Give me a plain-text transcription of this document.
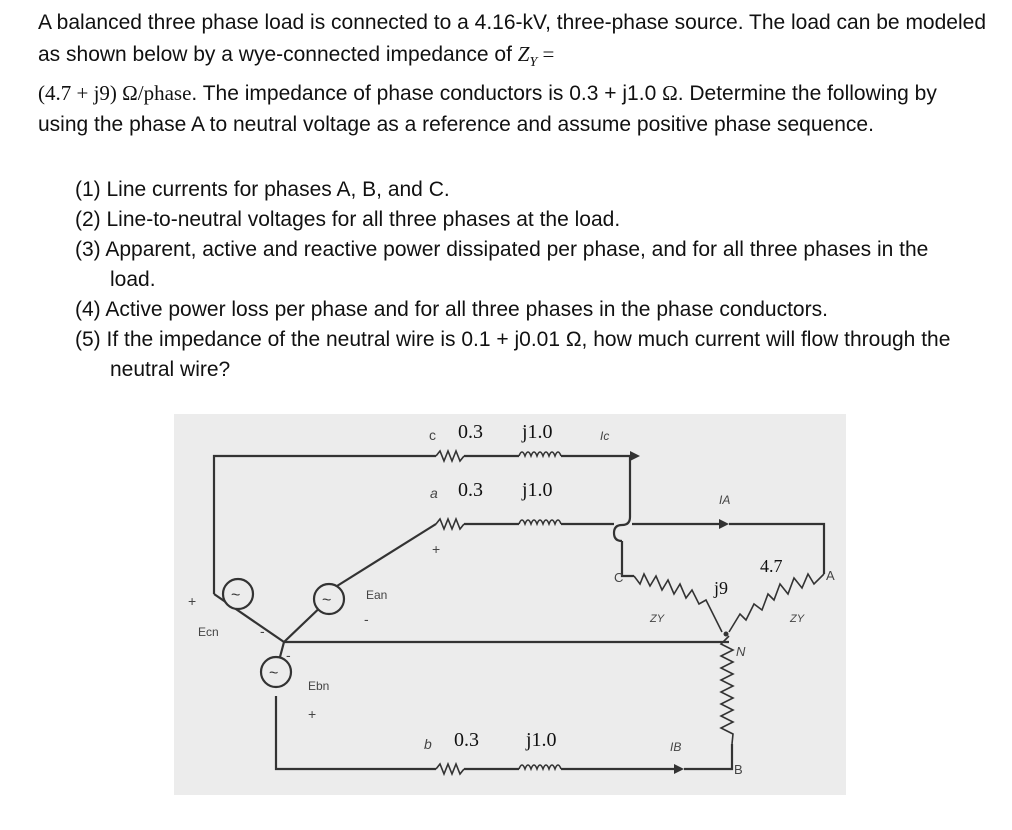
A balanced three phase load is connected to a 4.16-kV, three-phase source. The load can be modeled as shown below by a wye-connected impedance of $Z_Y$ =
(4.7 + j9) Ω/phase. The impedance of phase conductors is 0.3 + j1.0 Ω. Determine the following by using the phase A to neutral voltage as a reference and assume positive phase sequence.
(1) Line currents for phases A, B, and C.
(2) Line-to-neutral voltages for all three phases at the load.
(3) Apparent, active and reactive power dissipated per phase, and for all three phases in the load.
(4) Active power loss per phase and for all three phases in the phase conductors.
(5) If the impedance of the neutral wire is 0.1 + j0.01 Ω, how much current will flow through the neutral wire?
~	~
~
c 0.3 j1.0	Ic
a 0.3 j1.0	IA
+
+
Ecn	-
Ean
-
-
Ebn
+
C
ZY
j9
4.7	A
ZY
N
b 0.3 j1.0	IB
B
